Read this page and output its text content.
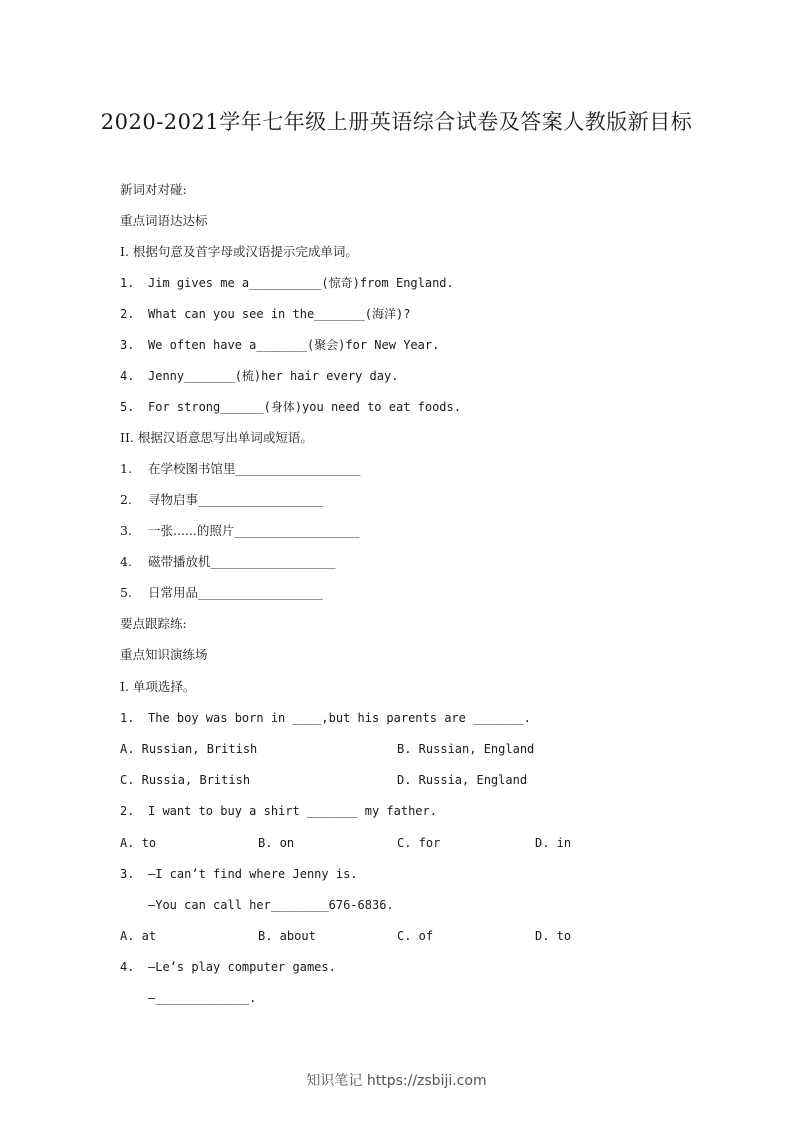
2020-2021学年七年级上册英语综合试卷及答案人教版新目标
新词对对碰:
重点词语达达标
I. 根据句意及首字母或汉语提示完成单词。
1. Jim gives me a__________(惊奇)from England.
2. What can you see in the_______(海洋)?
3. We often have a_______(聚会)for New Year.
4. Jenny_______(梳)her hair every day.
5. For strong______(身体)you need to eat foods.
II. 根据汉语意思写出单词或短语。
1. 在学校图书馆里____________________
2. 寻物启事____________________
3. 一张......的照片____________________
4. 磁带播放机____________________
5. 日常用品____________________
要点跟踪练:
重点知识演练场
I. 单项选择。
1. The boy was born in ____,but his parents are _______.
A. Russian, British	B. Russian, England
C. Russia, British	D. Russia, England
2. I want to buy a shirt _______ my father.
A. to	B. on	C. for	D. in
3. —I can’t find where Jenny is.
—You can call her________676-6836.
A. at	B. about	C. of	D. to
4. —Le’s play computer games.
—_____________.
知识笔记 https://zsbiji.com
